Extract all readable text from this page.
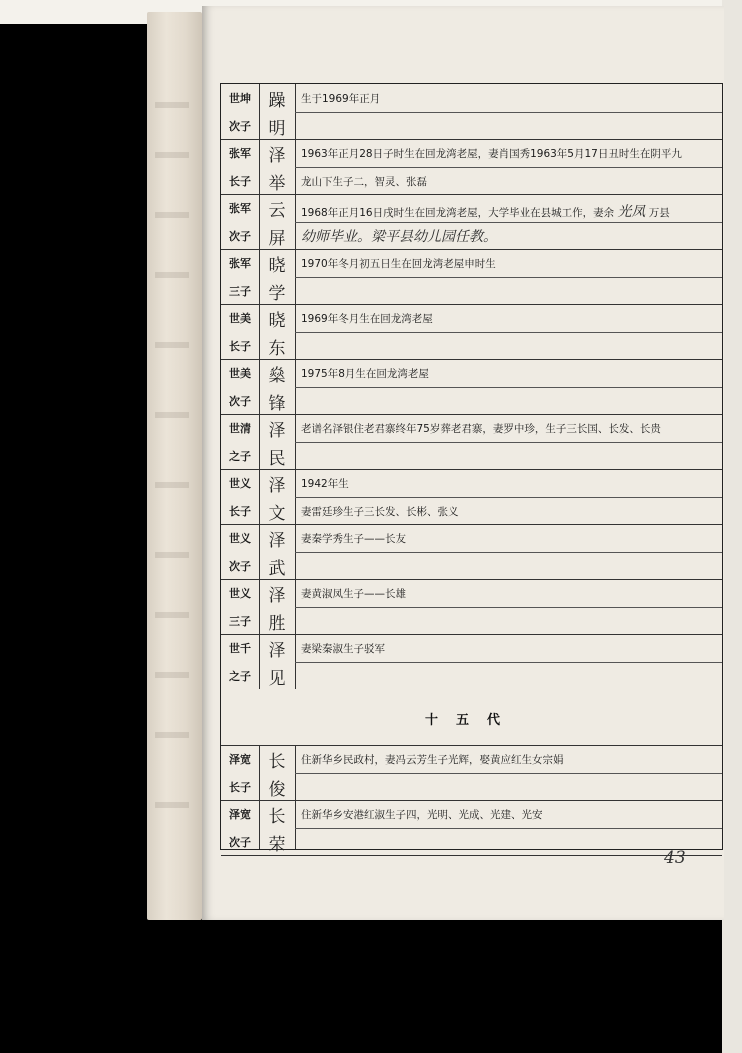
世坤
次子
躁
明
生于1969年正月
张军
长子
泽
举
1963年正月28日子时生在回龙湾老屋，妻肖国秀1963年5月17日丑时生在阴平九
龙山下生子二，智灵、张磊
张军
次子
云
屏
1968年正月16日戌时生在回龙湾老屋，大学毕业在县城工作，妻余 光凤 万县
幼师毕业。梁平县幼儿园任教。
张军
三子
晓
学
1970年冬月初五日生在回龙湾老屋申时生
世美
长子
晓
东
1969年冬月生在回龙湾老屋
世美
次子
燊
锋
1975年8月生在回龙湾老屋
世清
之子
泽
民
老谱名泽银住老君寨终年75岁葬老君寨，妻罗中珍，生子三长国、长发、长贵
世义
长子
泽
文
1942年生
妻雷廷珍生子三长发、长彬、张义
世义
次子
泽
武
妻秦学秀生子——长友
世义
三子
泽
胜
妻黄淑凤生子——长雄
世千
之子
泽
见
妻梁秦淑生子驳军
十五代
泽宽
长子
长
俊
住新华乡民政村，妻冯云芳生子光辉，娶黄应红生女宗娟
泽宽
次子
长
荣
住新华乡安港红淑生子四，光明、光成、光建、光安
43
